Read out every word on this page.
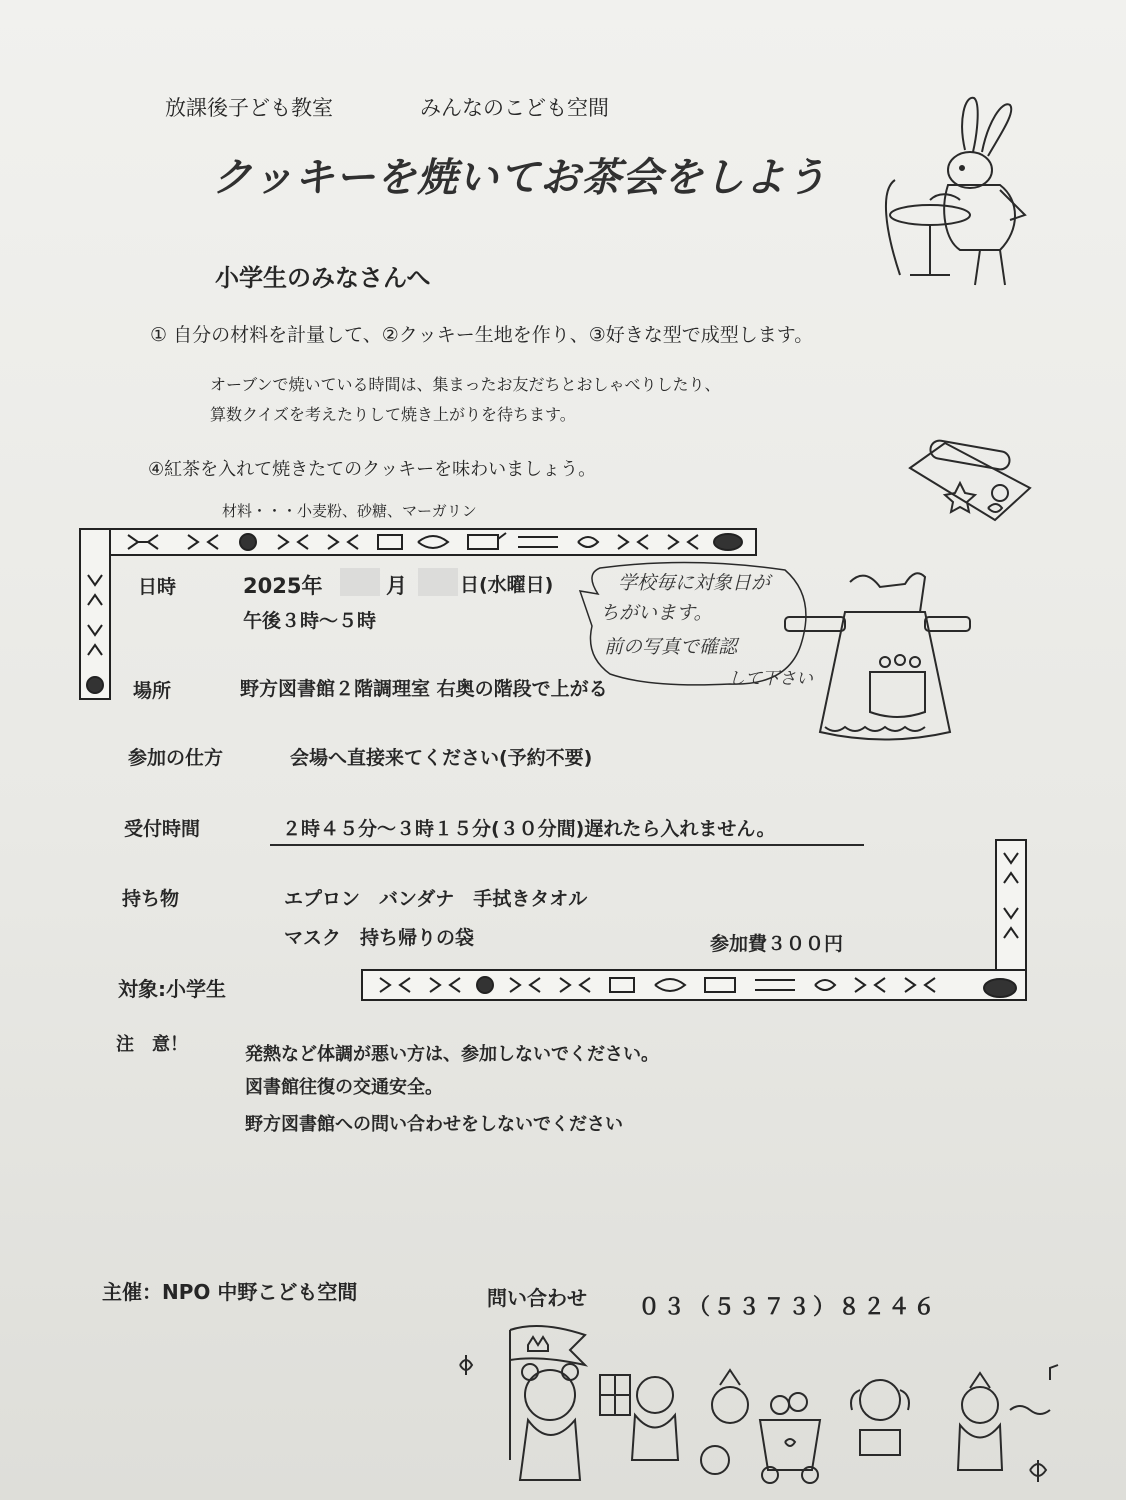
放課後子ども教室	みんなのこども空間
クッキーを焼いてお茶会をしよう
小学生のみなさんへ
① 自分の材料を計量して、②クッキー生地を作り、③好きな型で成型します。
オーブンで焼いている時間は、集まったお友だちとおしゃべりしたり、
算数クイズを考えたりして焼き上がりを待ちます。
④紅茶を入れて焼きたてのクッキーを味わいましょう。
材料・・・小麦粉、砂糖、マーガリン
日時	2025年	月	日(水曜日)
午後３時～５時
学校毎に対象日が
ちがいます。
前の写真で確認
して下さい
場所	野方図書館２階調理室 右奥の階段で上がる
参加の仕方	会場へ直接来てください(予約不要)
受付時間	２時４５分～３時１５分(３０分間)遅れたら入れません。
持ち物	エプロン　バンダナ　手拭きタオル
マスク　持ち帰りの袋	参加費３００円
対象:小学生
注　意！	発熱など体調が悪い方は、参加しないでください。
図書館往復の交通安全。
野方図書館への問い合わせをしないでください
主催：NPO 中野こども空間	問い合わせ ０３（５３７３）８２４６
